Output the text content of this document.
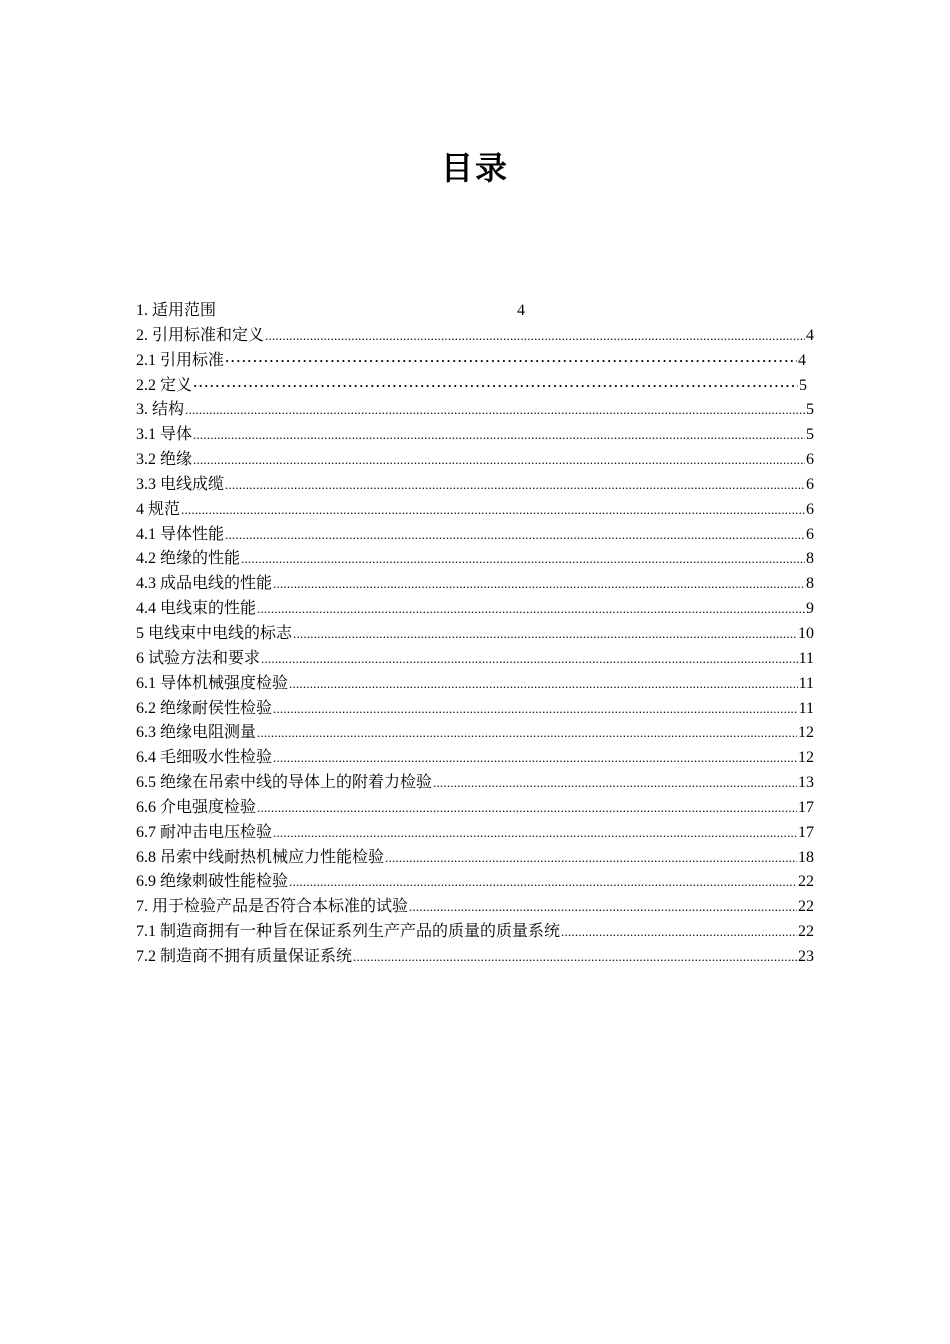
目录
1. 适用范围	4
2. 引用标准和定义 .....	4
2.1 引用标准 ·····	4
2.2 定义 ·····	5
3. 结构 .....	5
3.1 导体 .....	5
3.2 绝缘 .....	6
3.3 电线成缆 .....	6
4 规范 .....	6
4.1 导体性能 .....	6
4.2 绝缘的性能 .....	8
4.3 成品电线的性能 .....	8
4.4 电线束的性能 .....	9
5 电线束中电线的标志 .....	10
6 试验方法和要求 .....	11
6.1 导体机械强度检验 .....	11
6.2 绝缘耐侯性检验 .....	11
6.3 绝缘电阻测量 .....	12
6.4 毛细吸水性检验 .....	12
6.5 绝缘在吊索中线的导体上的附着力检验 .....	13
6.6 介电强度检验 .....	17
6.7 耐冲击电压检验 .....	17
6.8 吊索中线耐热机械应力性能检验 .....	18
6.9 绝缘刺破性能检验 .....	22
7. 用于检验产品是否符合本标准的试验 .....	22
7.1 制造商拥有一种旨在保证系列生产产品的质量的质量系统 .....	22
7.2 制造商不拥有质量保证系统 .....	23
